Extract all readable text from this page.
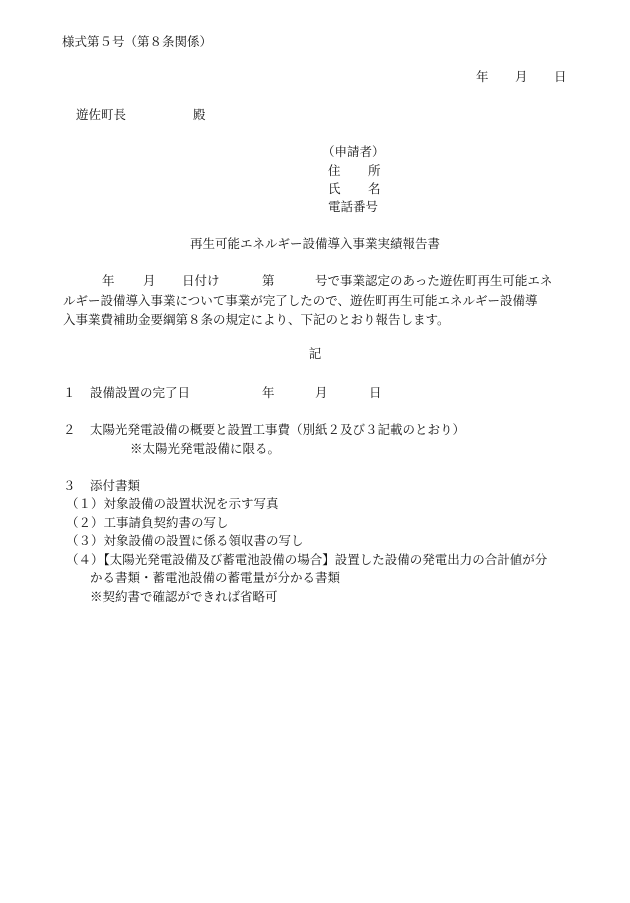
様式第５号（第８条関係）
年 月 日
遊佐町長	殿
（申請者）
住 所
氏 名
電話番号
再生可能エネルギー設備導入事業実績報告書
年 月 日付け	第	号で事業認定のあった遊佐町再生可能エネ
ルギー設備導入事業について事業が完了したので、遊佐町再生可能エネルギー設備導
入事業費補助金要綱第８条の規定により、下記のとおり報告します。
記
１ 設備設置の完了日	年	月	日
２ 太陽光発電設備の概要と設置工事費（別紙２及び３記載のとおり）
※太陽光発電設備に限る。
３ 添付書類
（１）対象設備の設置状況を示す写真
（２）工事請負契約書の写し
（３）対象設備の設置に係る領収書の写し
（４）【太陽光発電設備及び蓄電池設備の場合】設置した設備の発電出力の合計値が分
かる書類・蓄電池設備の蓄電量が分かる書類
※契約書で確認ができれば省略可
